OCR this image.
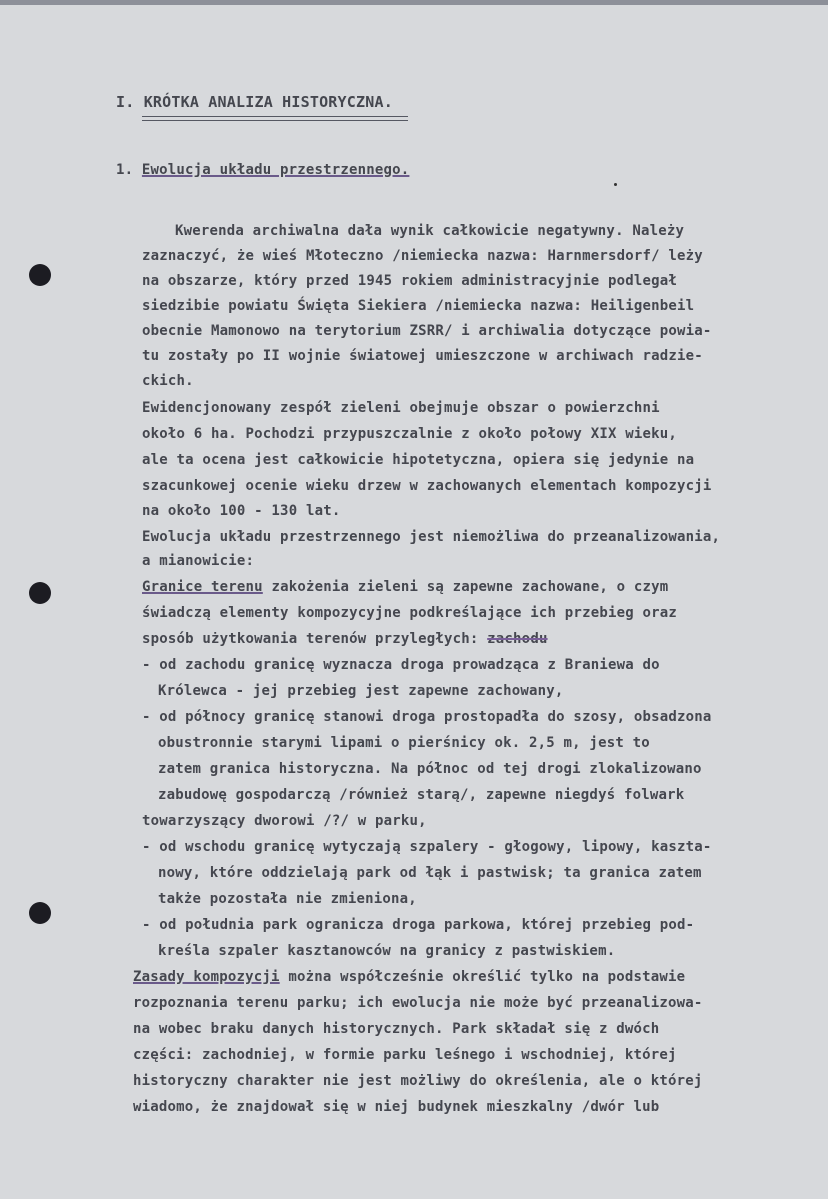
I. KRÓTKA ANALIZA HISTORYCZNA.
1. Ewolucja układu przestrzennego.
Kwerenda archiwalna dała wynik całkowicie negatywny. Należy
zaznaczyć, że wieś Młoteczno /niemiecka nazwa: Harnmersdorf/ leży
na obszarze, który przed 1945 rokiem administracyjnie podlegał
siedzibie powiatu Święta Siekiera /niemiecka nazwa: Heiligenbeil
obecnie Mamonowo na terytorium ZSRR/ i archiwalia dotyczące powia-
tu zostały po II wojnie światowej umieszczone w archiwach radzie-
ckich.
Ewidencjonowany zespół zieleni obejmuje obszar o powierzchni
około 6 ha. Pochodzi przypuszczalnie z około połowy XIX wieku,
ale ta ocena jest całkowicie hipotetyczna, opiera się jedynie na
szacunkowej ocenie wieku drzew w zachowanych elementach kompozycji
na około 100 - 130 lat.
Ewolucja układu przestrzennego jest niemożliwa do przeanalizowania,
a mianowicie:
Granice terenu zakożenia zieleni są zapewne zachowane, o czym
świadczą elementy kompozycyjne podkreślające ich przebieg oraz
sposób użytkowania terenów przyległych: zachodu
- od zachodu granicę wyznacza droga prowadząca z Braniewa do
Królewca - jej przebieg jest zapewne zachowany,
- od północy granicę stanowi droga prostopadła do szosy, obsadzona
obustronnie starymi lipami o pierśnicy ok. 2,5 m, jest to
zatem granica historyczna. Na północ od tej drogi zlokalizowano
zabudowę gospodarczą /również starą/, zapewne niegdyś folwark
towarzyszący dworowi /?/ w parku,
- od wschodu granicę wytyczają szpalery - głogowy, lipowy, kaszta-
nowy, które oddzielają park od łąk i pastwisk; ta granica zatem
także pozostała nie zmieniona,
- od południa park ogranicza droga parkowa, której przebieg pod-
kreśla szpaler kasztanowców na granicy z pastwiskiem.
Zasady kompozycji można współcześnie określić tylko na podstawie
rozpoznania terenu parku; ich ewolucja nie może być przeanalizowa-
na wobec braku danych historycznych. Park składał się z dwóch
części: zachodniej, w formie parku leśnego i wschodniej, której
historyczny charakter nie jest możliwy do określenia, ale o której
wiadomo, że znajdował się w niej budynek mieszkalny /dwór lub
